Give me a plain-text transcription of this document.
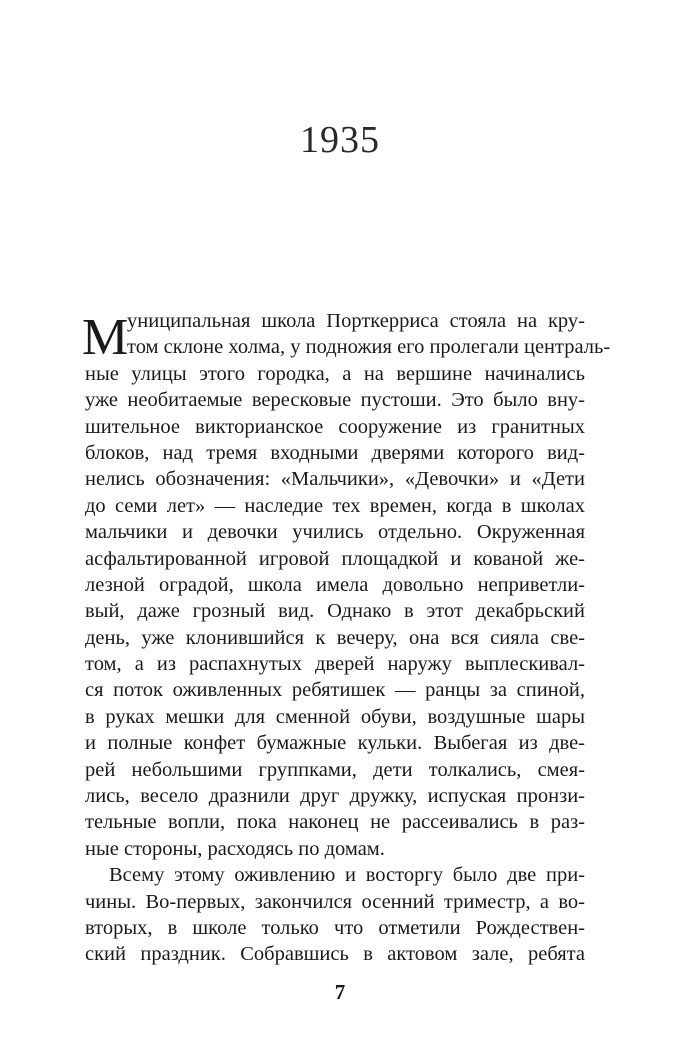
1935
М
униципальная школа Порткерриса стояла на кру-
том склоне холма, у подножия его пролегали централь-
ные улицы этого городка, а на вершине начинались
уже необитаемые вересковые пустоши. Это было вну-
шительное викторианское сооружение из гранитных
блоков, над тремя входными дверями которого вид-
нелись обозначения: «Мальчики», «Девочки» и «Дети
до семи лет» — наследие тех времен, когда в школах
мальчики и девочки учились отдельно. Окруженная
асфальтированной игровой площадкой и кованой же-
лезной оградой, школа имела довольно неприветли-
вый, даже грозный вид. Однако в этот декабрьский
день, уже клонившийся к вечеру, она вся сияла све-
том, а из распахнутых дверей наружу выплескивал-
ся поток оживленных ребятишек — ранцы за спиной,
в руках мешки для сменной обуви, воздушные шары
и полные конфет бумажные кульки. Выбегая из две-
рей небольшими группками, дети толкались, смея-
лись, весело дразнили друг дружку, испуская пронзи-
тельные вопли, пока наконец не рассеивались в раз-
ные стороны, расходясь по домам.
Всему этому оживлению и восторгу было две при-
чины. Во-первых, закончился осенний триместр, а во-
вторых, в школе только что отметили Рождествен-
ский праздник. Собравшись в актовом зале, ребята
7
